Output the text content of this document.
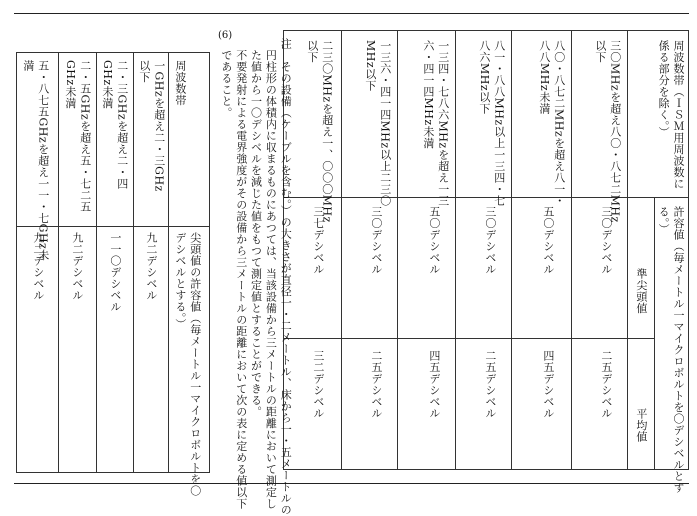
周波数帯（ＩＳＭ用周波数に
係る部分を除く。）
許容値（毎メートル一マイクロボルトを〇デシベルとす
る。）
準尖頭値
平均値
三〇MHzを超え八〇・八七二MHz
以下
三〇デシベル
二五デシベル
八〇・八七二MHzを超え八一・
八八MHz未満
五〇デシベル
四五デシベル
八一・八八MHz以上一三四・七
八六MHz以下
三〇デシベル
二五デシベル
一三四・七八六MHzを超え一三
六・四一四MHz未満
五〇デシベル
四五デシベル
一三六・四一四MHz以上二三〇
MHz以下
三〇デシベル
二五デシベル
二三〇MHzを超え一、〇〇〇MHz
以下
三七デシベル
三二デシベル
注　その設備（ケーブルを含む。）の大きさが直径一・二メートル、床から一・五メートルの
　円柱形の体積内に収まるものにあつては、当該設備から三メートルの距離において測定し
　た値から一〇デシベルを減じた値をもつて測定値とすることができる。
　不要発射による電界強度がその設備から三メートルの距離において次の表に定める値以下
　であること。
(6)
周波数帯
尖頭値の許容値（毎メートル一マイクロボルトを〇
デシベルとする。）
一GHzを超え二・三GHz
以下
九二デシベル
二・三GHzを超え二・四
GHz未満
一一〇デシベル
二・五GHzを超え五・七二五
GHz未満
九二デシベル
五・八七五GHzを超え一一・七GHz未
満
九二デシベル
